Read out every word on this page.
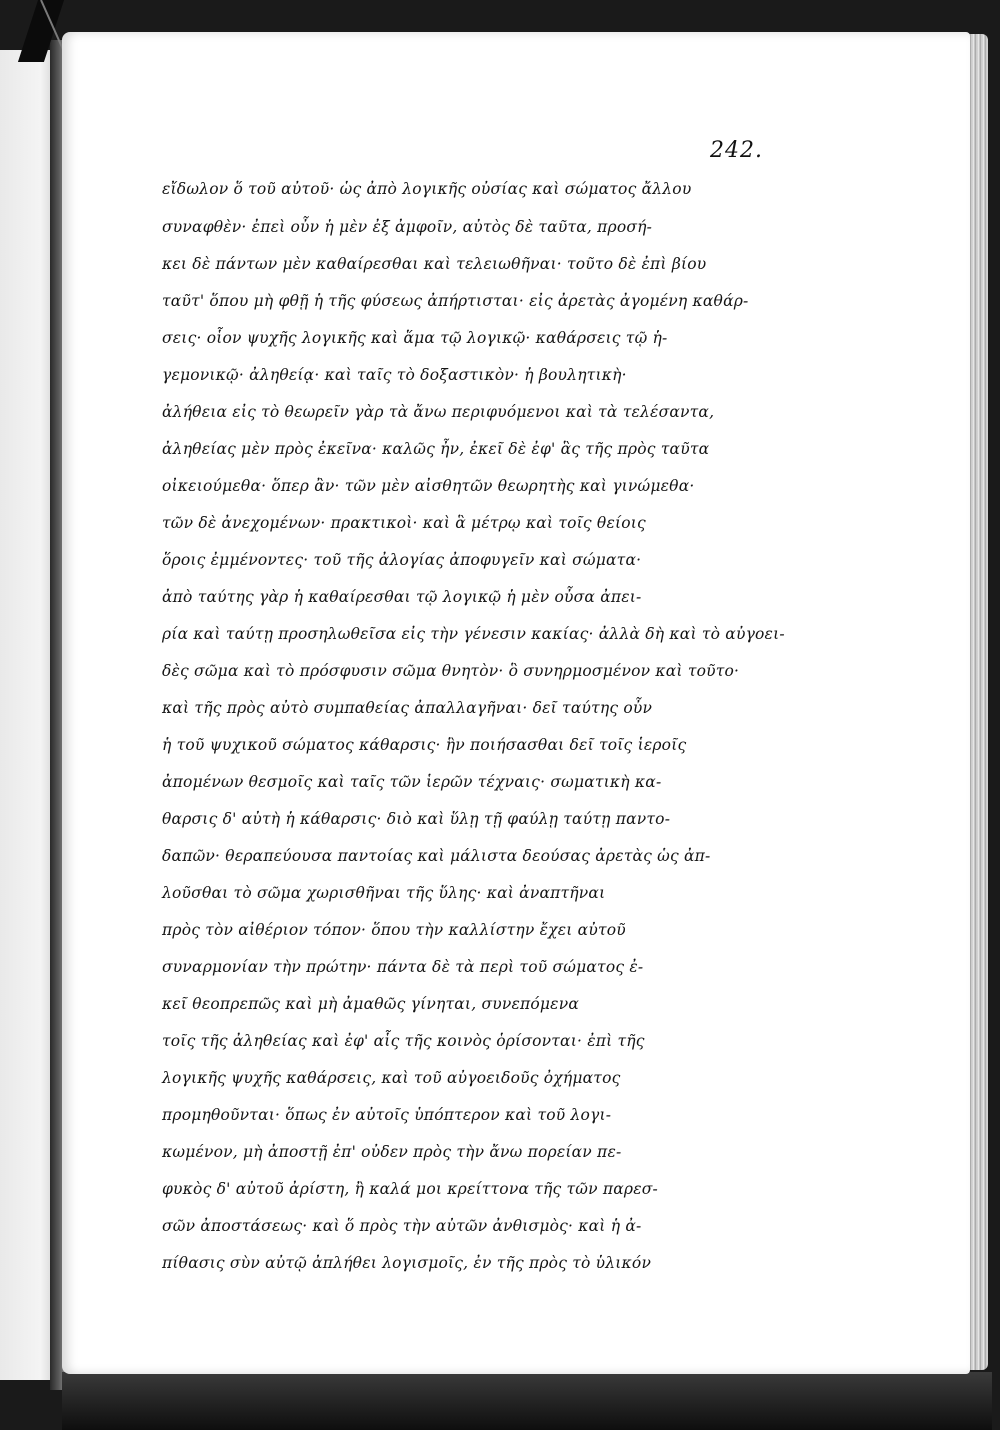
242.
εἴδωλον ὅ τοῦ αὐτοῦ· ὡς ἀπὸ λογικῆς οὐσίας καὶ σώματος ἄλλου
συναφθὲν· ἐπεὶ οὖν ἡ μὲν ἐξ ἀμφοῖν, αὐτὸς δὲ ταῦτα, προσή-
κει δὲ πάντων μὲν καθαίρεσθαι καὶ τελειωθῆναι· τοῦτο δὲ ἐπὶ βίου
ταῦτ' ὅπου μὴ φθῇ ἡ τῆς φύσεως ἀπήρτισται· εἰς ἀρετὰς ἀγομένη καθάρ-
σεις· οἷον ψυχῆς λογικῆς καὶ ἅμα τῷ λογικῷ· καθάρσεις τῷ ἡ-
γεμονικῷ· ἀληθείᾳ· καὶ ταῖς τὸ δοξαστικὸν· ἡ βουλητικὴ·
ἀλήθεια εἰς τὸ θεωρεῖν γὰρ τὰ ἄνω περιφυόμενοι καὶ τὰ τελέσαντα,
ἀληθείας μὲν πρὸς ἐκεῖνα· καλῶς ἦν, ἐκεῖ δὲ ἐφ' ἃς τῆς πρὸς ταῦτα
οἰκειούμεθα· ὅπερ ἂν· τῶν μὲν αἰσθητῶν θεωρητὴς καὶ γινώμεθα·
τῶν δὲ ἀνεχομένων· πρακτικοὶ· καὶ ἃ μέτρῳ καὶ τοῖς θείοις
ὅροις ἐμμένοντες· τοῦ τῆς ἀλογίας ἀποφυγεῖν καὶ σώματα·
ἀπὸ ταύτης γὰρ ἡ καθαίρεσθαι τῷ λογικῷ ἡ μὲν οὖσα ἀπει-
ρία καὶ ταύτῃ προσηλωθεῖσα εἰς τὴν γένεσιν κακίας· ἀλλὰ δὴ καὶ τὸ αὐγοει-
δὲς σῶμα καὶ τὸ πρόσφυσιν σῶμα θνητὸν· ὃ συνηρμοσμένον καὶ τοῦτο·
καὶ τῆς πρὸς αὐτὸ συμπαθείας ἀπαλλαγῆναι· δεῖ ταύτης οὖν
ἡ τοῦ ψυχικοῦ σώματος κάθαρσις· ἣν ποιήσασθαι δεῖ τοῖς ἱεροῖς
ἀπομένων θεσμοῖς καὶ ταῖς τῶν ἱερῶν τέχναις· σωματικὴ κα-
θαρσις δ' αὐτὴ ἡ κάθαρσις· διὸ καὶ ὕλῃ τῇ φαύλῃ ταύτῃ παντο-
δαπῶν· θεραπεύουσα παντοίας καὶ μάλιστα δεούσας ἀρετὰς ὡς ἀπ-
λοῦσθαι τὸ σῶμα χωρισθῆναι τῆς ὕλης· καὶ ἀναπτῆναι
πρὸς τὸν αἰθέριον τόπον· ὅπου τὴν καλλίστην ἔχει αὐτοῦ
συναρμονίαν τὴν πρώτην· πάντα δὲ τὰ περὶ τοῦ σώματος ἐ-
κεῖ θεοπρεπῶς καὶ μὴ ἀμαθῶς γίνηται, συνεπόμενα
τοῖς τῆς ἀληθείας καὶ ἐφ' αἷς τῆς κοινὸς ὁρίσονται· ἐπὶ τῆς
λογικῆς ψυχῆς καθάρσεις, καὶ τοῦ αὐγοειδοῦς ὀχήματος
προμηθοῦνται· ὅπως ἐν αὐτοῖς ὑπόπτερον καὶ τοῦ λογι-
κωμένον, μὴ ἀποστῇ ἐπ' οὐδεν πρὸς τὴν ἄνω πορείαν πε-
φυκὸς δ' αὐτοῦ ἀρίστη, ἢ καλά μοι κρείττονα τῆς τῶν παρεσ-
σῶν ἀποστάσεως· καὶ ὅ πρὸς τὴν αὐτῶν ἀνθισμὸς· καὶ ἡ ἀ-
πίθασις σὺν αὐτῷ ἀπλήθει λογισμοῖς, ἐν τῆς πρὸς τὸ ὑλικόν
